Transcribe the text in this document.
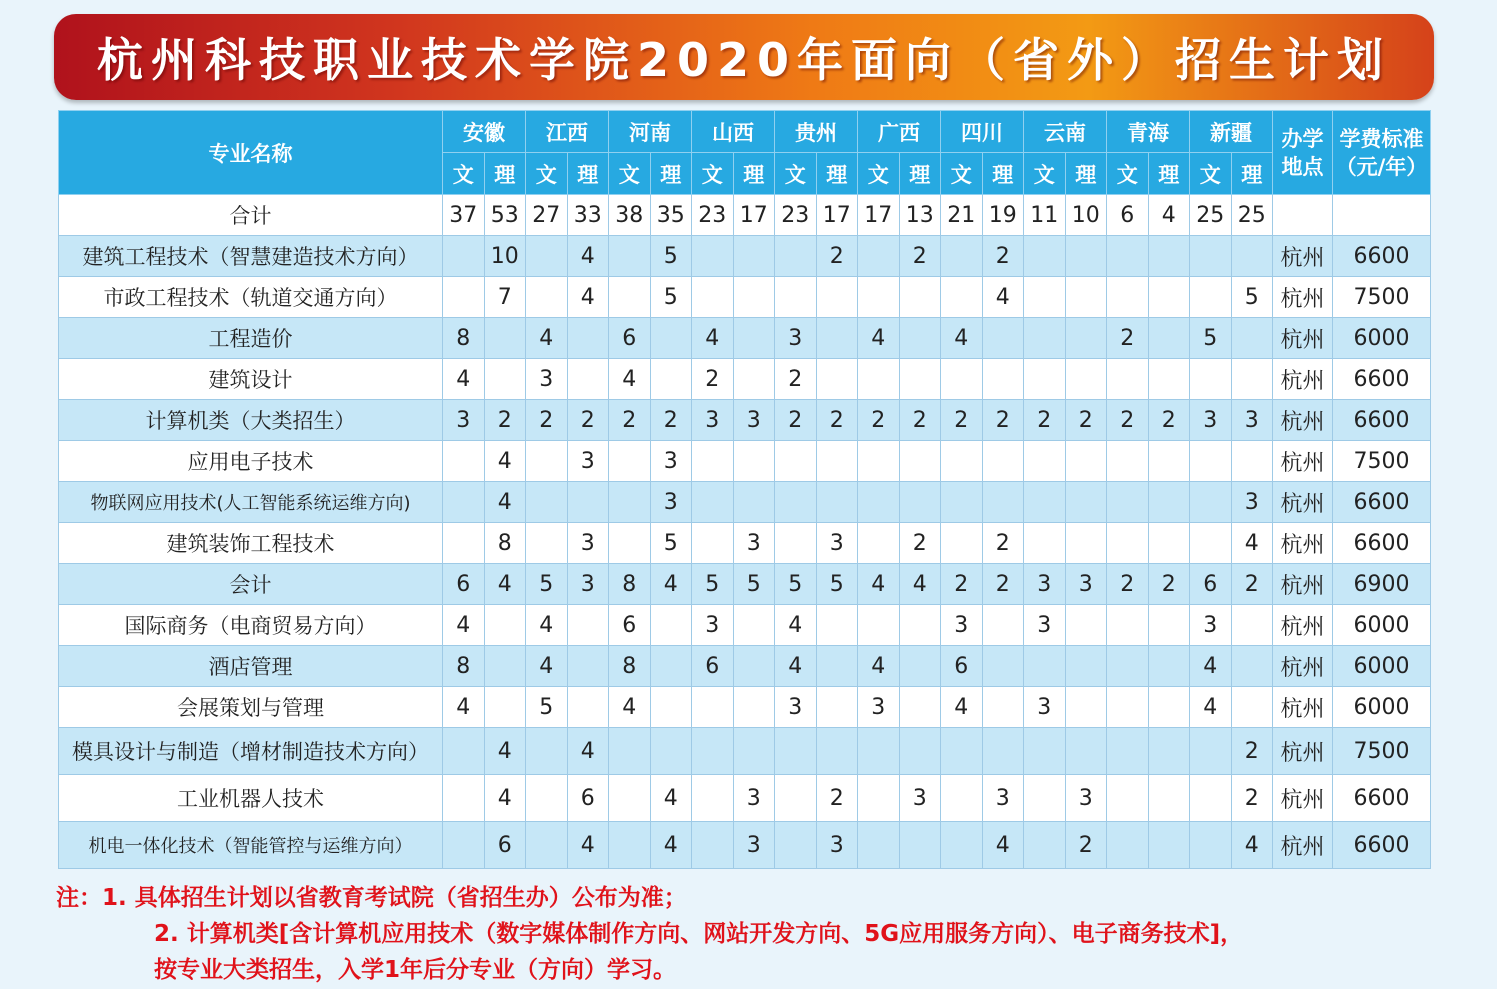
杭州科技职业技术学院2020年面向（省外）招生计划
专业名称	安徽		江西		河南		山西		贵州		广西		四川		云南		青海		新疆		办学地点	学费标准（元/年）
	文	理	文	理	文	理	文	理	文	理	文	理	文	理	文	理	文	理	文	理		
合计	37	53	27	33	38	35	23	17	23	17	17	13	21	19	11	10	6	4	25	25		
建筑工程技术（智慧建造技术方向）		10		4		5				2		2		2							杭州	6600
市政工程技术（轨道交通方向）		7		4		5								4						5	杭州	7500
工程造价	8		4		6		4		3		4		4				2		5		杭州	6000
建筑设计	4		3		4		2		2												杭州	6600
计算机类（大类招生）	3	2	2	2	2	2	3	3	2	2	2	2	2	2	2	2	2	2	3	3	杭州	6600
应用电子技术		4		3		3															杭州	7500
物联网应用技术(人工智能系统运维方向)		4				3														3	杭州	6600
建筑装饰工程技术		8		3		5		3		3		2		2						4	杭州	6600
会计	6	4	5	3	8	4	5	5	5	5	4	4	2	2	3	3	2	2	6	2	杭州	6900
国际商务（电商贸易方向）	4		4		6		3		4				3		3				3		杭州	6000
酒店管理	8		4		8		6		4		4		6						4		杭州	6000
会展策划与管理	4		5		4				3		3		4		3				4		杭州	6000
模具设计与制造（增材制造技术方向）		4		4																2	杭州	7500
工业机器人技术		4		6		4		3		2		3		3		3				2	杭州	6600
机电一体化技术（智能管控与运维方向）		6		4		4		3		3				4		2				4	杭州	6600
注：1. 具体招生计划以省教育考试院（省招生办）公布为准；
2. 计算机类[含计算机应用技术（数字媒体制作方向、网站开发方向、5G应用服务方向）、电子商务技术]，
按专业大类招生，入学1年后分专业（方向）学习。
